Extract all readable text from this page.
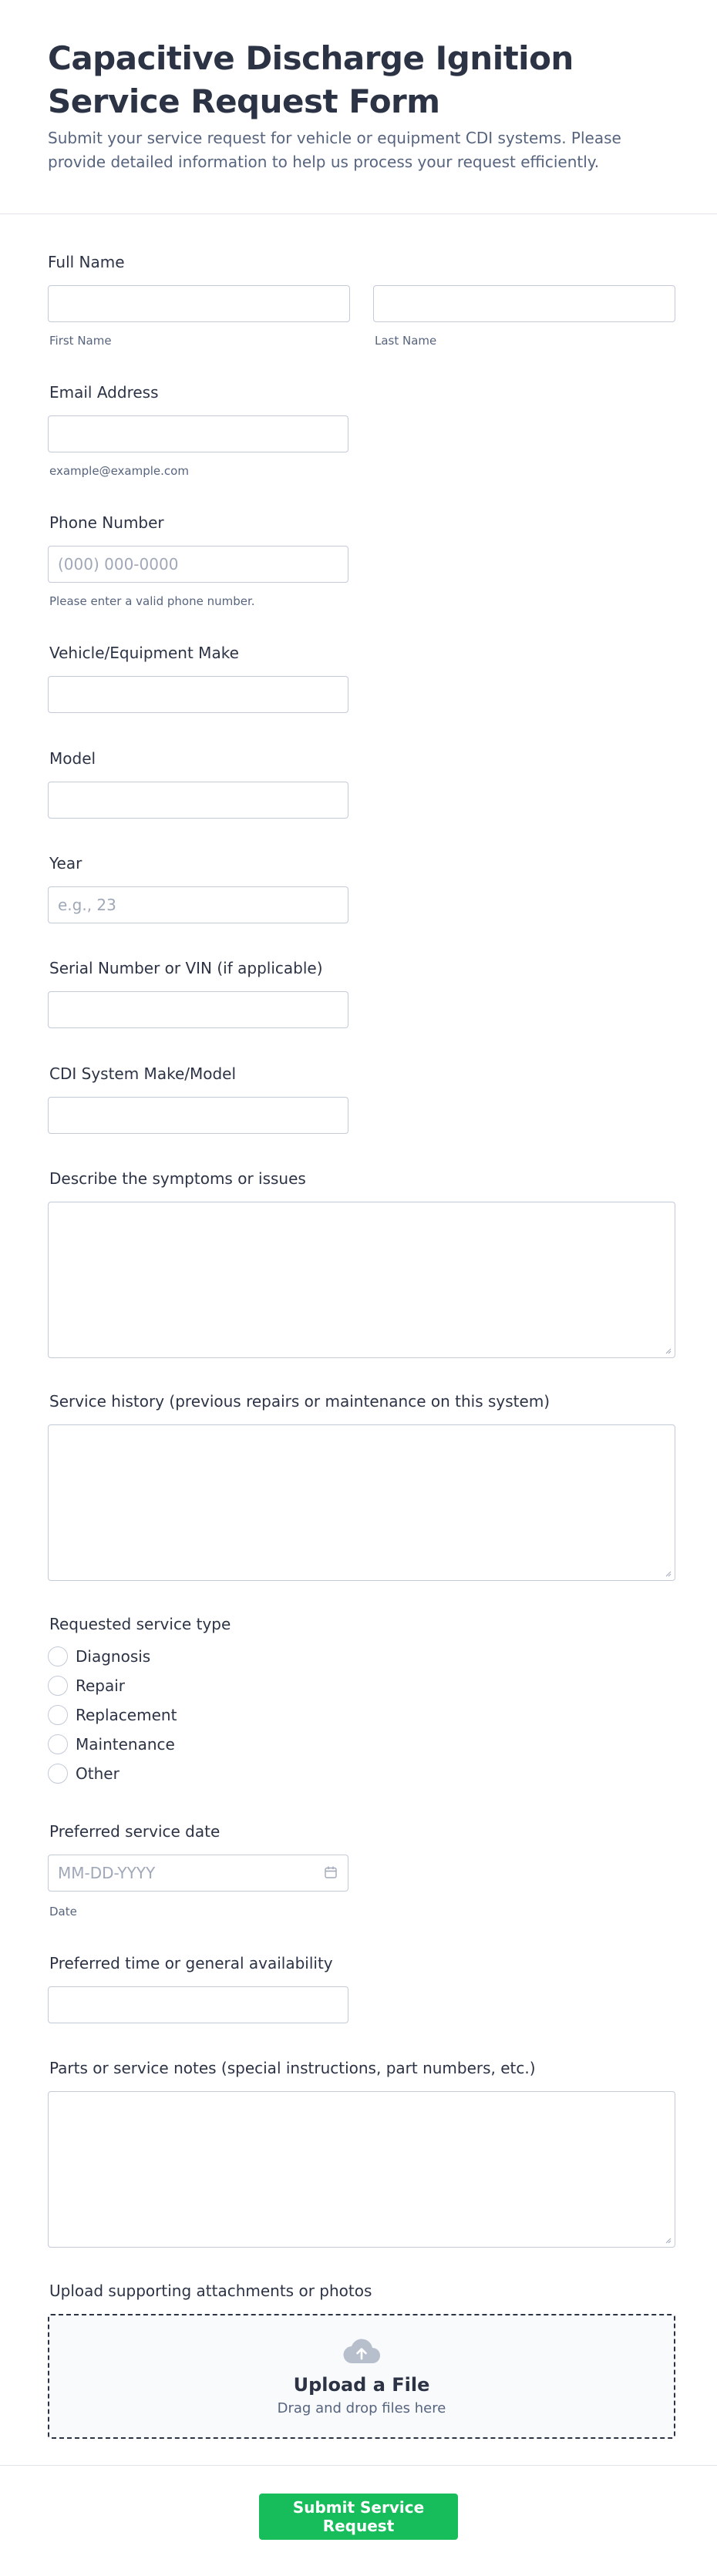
Capacitive Discharge Ignition Service Request Form

Submit your service request for vehicle or equipment CDI systems. Please provide detailed information to help us process your request efficiently.

Full Name
First Name	Last Name
Email Address
example@example.com
Phone Number
(000) 000-0000
Please enter a valid phone number.
Vehicle/Equipment Make
Model
Year
e.g., 23
Serial Number or VIN (if applicable)
CDI System Make/Model
Describe the symptoms or issues
Service history (previous repairs or maintenance on this system)
Requested service type
Diagnosis
Repair
Replacement
Maintenance
Other
Preferred service date
MM-DD-YYYY
Date
Preferred time or general availability
Parts or service notes (special instructions, part numbers, etc.)
Upload supporting attachments or photos
Upload a File
Drag and drop files here
Submit Service Request
